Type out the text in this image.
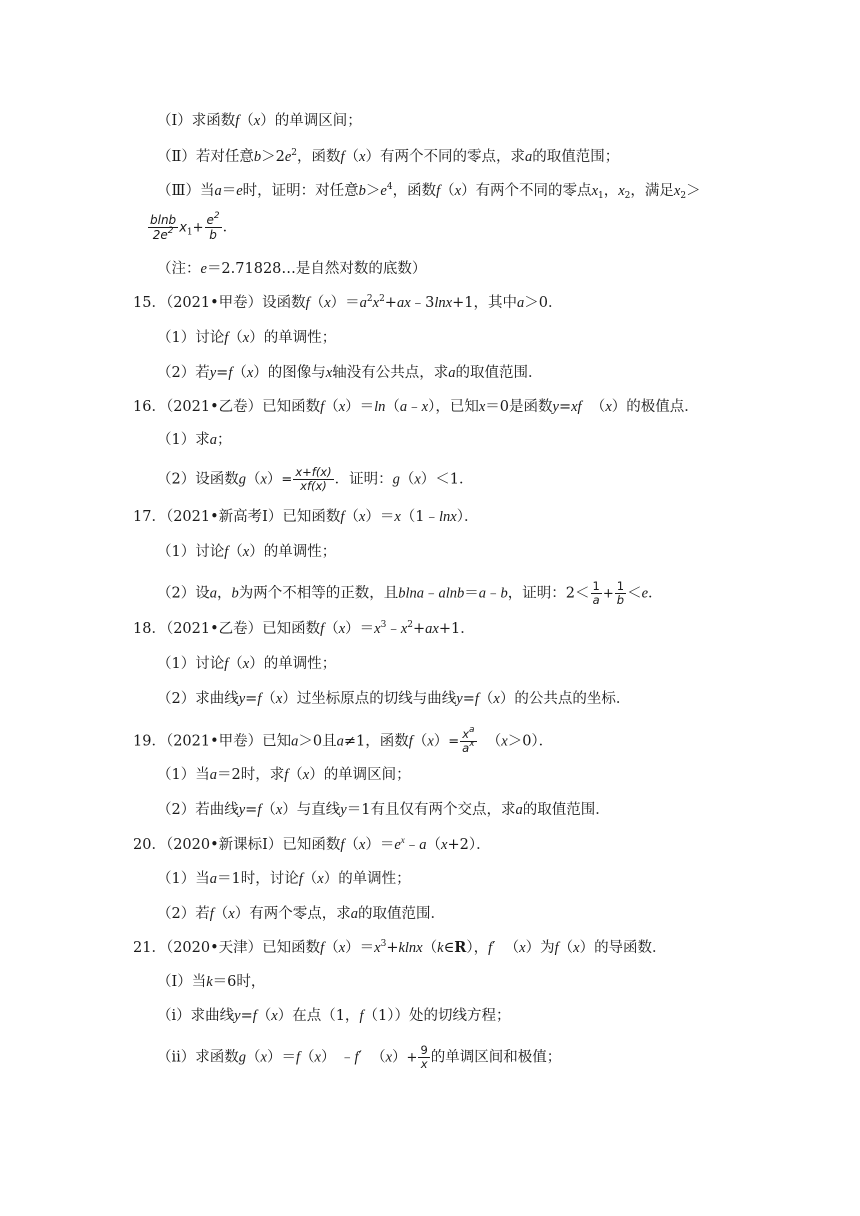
（Ⅰ）求函数f（x）的单调区间；
（Ⅱ）若对任意$b>2e^2$，函数f（x）有两个不同的零点，求a的取值范围；
（Ⅲ）当a＝e时，证明：对任意$b>e^4$，函数f（x）有两个不同的零点$x_1$，$x_2$，满足$x_2>$
$\frac{blnb}{2e^2} x_1+ \frac{e^2}{b}$ ．
（注：e＝2.71828…是自然对数的底数）
15．（2021•甲卷）设函数$f(x)=a^2x^2+ax﹣3\ln x+1$，其中a＞0．
（1）讨论f（x）的单调性；
（2）若y=f（x）的图像与x轴没有公共点，求a的取值范围．
16．（2021•乙卷）已知函数f（x）＝ln（a﹣x），已知x＝0是函数y=xf  （x）的极值点．
（1）求a；
（2）设函数$g(x)= \frac{x+f(x)}{xf(x)}$ ．证明：g（x）＜1．
17．（2021•新高考Ⅰ）已知函数f（x）＝x（1﹣lnx）．
（1）讨论f（x）的单调性；
（2）设a，b为两个不相等的正数，且blna﹣alnb＝a﹣b，证明：$2< \frac{1}{a} + \frac{1}{b} <e$．
18．（2021•乙卷）已知函数$f(x)=x^3﹣x^2+ax+1$．
（1）讨论f（x）的单调性；
（2）求曲线y=f（x）过坐标原点的切线与曲线y=f（x）的公共点的坐标．
19．（2021•甲卷）已知a＞0且a≠1，函数$f(x)= \frac{x^a}{a^x} (x>0)$．
（1）当a＝2时，求f（x）的单调区间；
（2）若曲线y=f（x）与直线y＝1有且仅有两个交点，求a的取值范围．
20．（2020•新课标Ⅰ）已知函数$f(x)=e^x﹣a(x+2)$．
（1）当a＝1时，讨论f（x）的单调性；
（2）若f（x）有两个零点，求a的取值范围．
21．（2020•天津）已知函数$f(x)=x^3+klnx(k\in R)$，f′  （x）为f（x）的导函数．
（Ⅰ）当k＝6时，
（ⅰ）求曲线y=f（x）在点（1，f（1））处的切线方程；
（ⅱ）求函数g（x）＝f（x） ﹣f′  $(x)+ \frac{9}{x}$ 的单调区间和极值；
